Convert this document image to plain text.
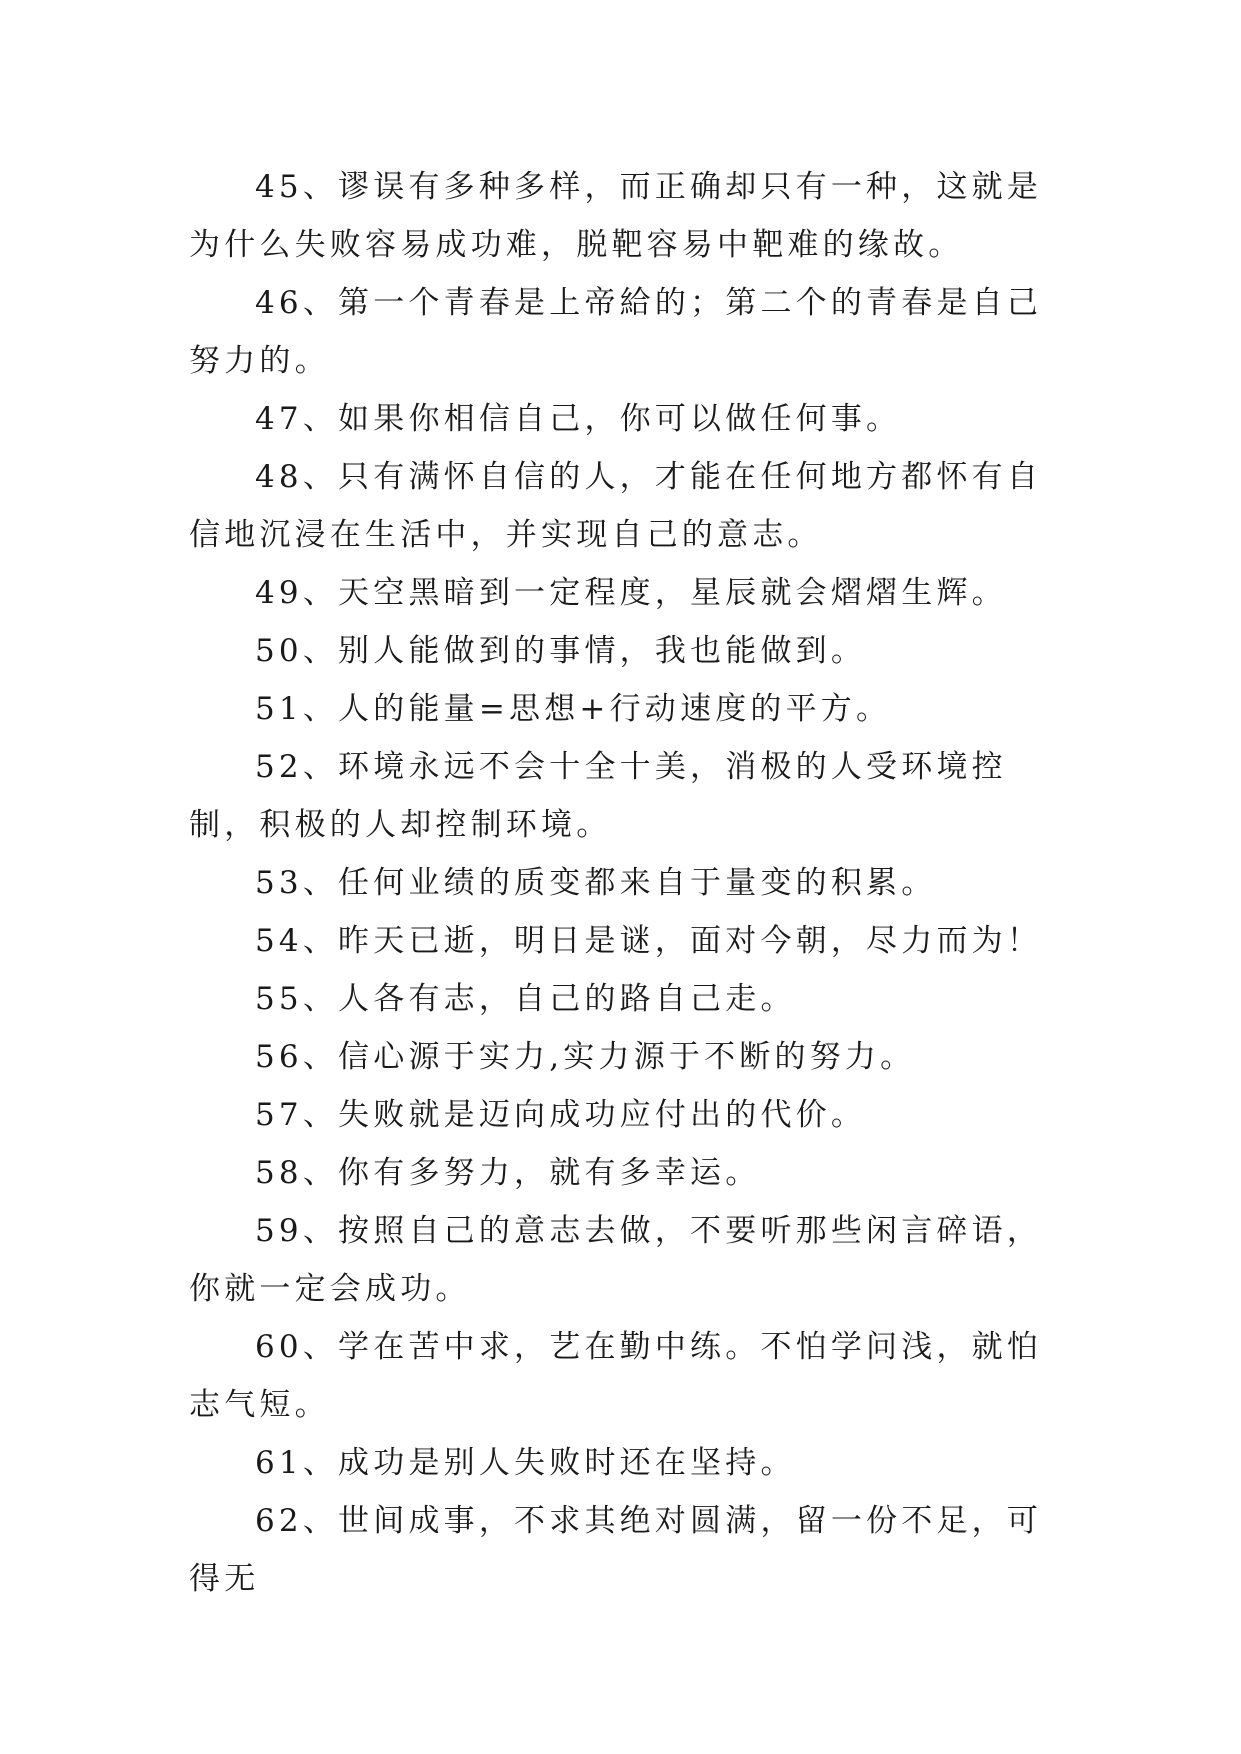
45、谬误有多种多样，而正确却只有一种，这就是为什么失败容易成功难，脱靶容易中靶难的缘故。

46、第一个青春是上帝給的；第二个的青春是自己努力的。

47、如果你相信自己，你可以做任何事。

48、只有满怀自信的人，才能在任何地方都怀有自信地沉浸在生活中，并实现自己的意志。

49、天空黑暗到一定程度，星辰就会熠熠生辉。

50、别人能做到的事情，我也能做到。

51、人的能量=思想+行动速度的平方。

52、环境永远不会十全十美，消极的人受环境控制，积极的人却控制环境。

53、任何业绩的质变都来自于量变的积累。

54、昨天已逝，明日是谜，面对今朝，尽力而为！

55、人各有志，自己的路自己走。

56、信心源于实力,实力源于不断的努力。

57、失败就是迈向成功应付出的代价。

58、你有多努力，就有多幸运。

59、按照自己的意志去做，不要听那些闲言碎语，你就一定会成功。

60、学在苦中求，艺在勤中练。不怕学问浅，就怕志气短。

61、成功是别人失败时还在坚持。

62、世间成事，不求其绝对圆满，留一份不足，可得无
